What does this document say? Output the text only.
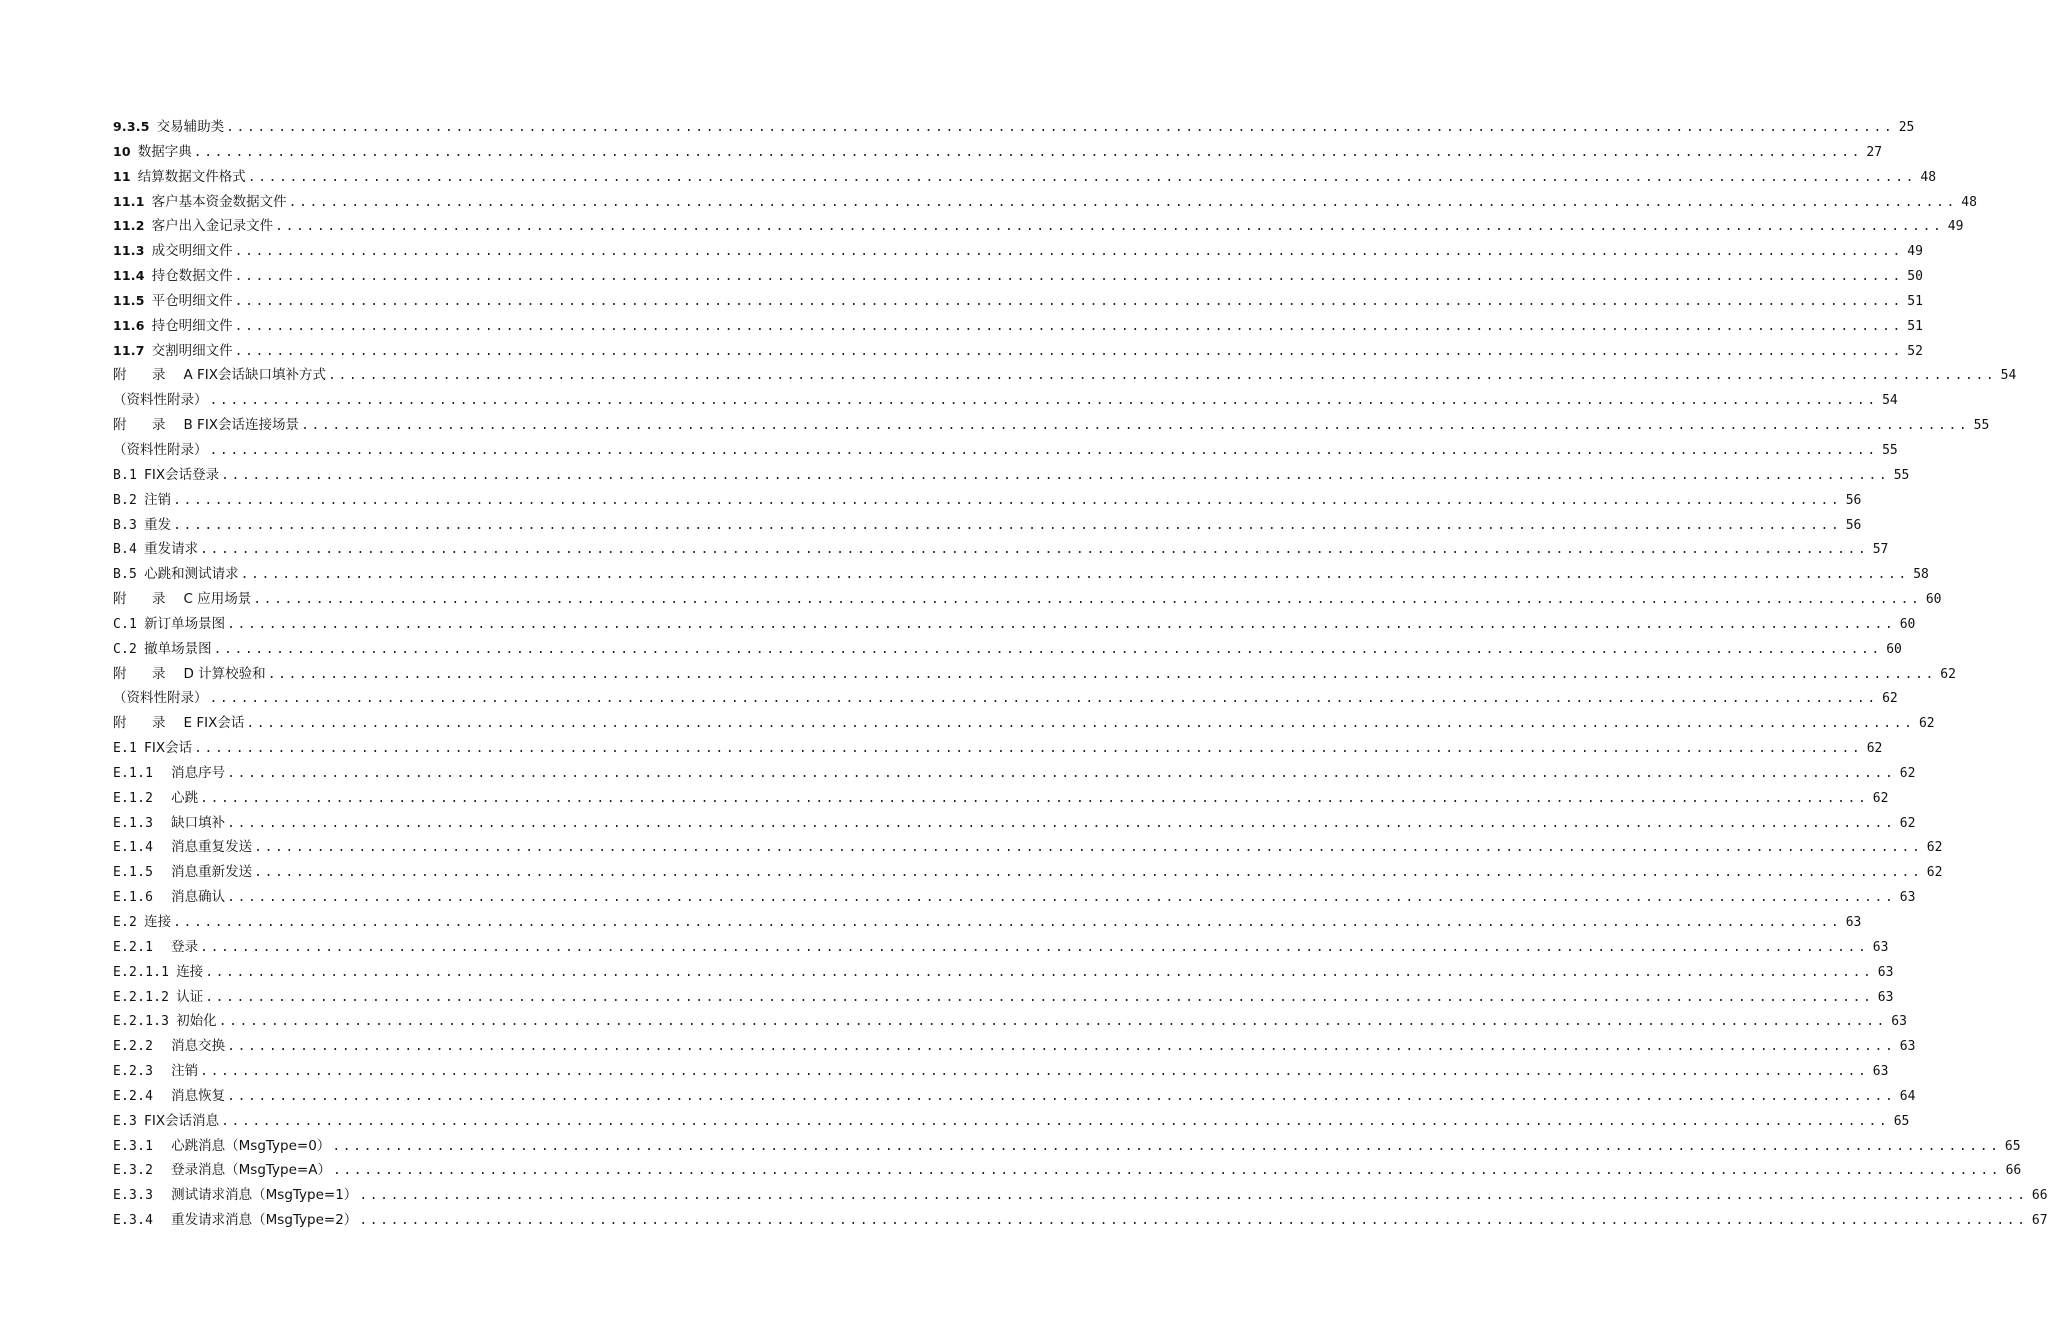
9.3.5 交易辅助类 ................................................................................................................................................................ 25
10 数据字典 ................................................................................................................................................................ 27
11 结算数据文件格式 ................................................................................................................................................................ 48
11.1 客户基本资金数据文件 ................................................................................................................................................................ 48
11.2 客户出入金记录文件 ................................................................................................................................................................ 49
11.3 成交明细文件 ................................................................................................................................................................ 49
11.4 持仓数据文件 ................................................................................................................................................................ 50
11.5 平仓明细文件 ................................................................................................................................................................ 51
11.6 持仓明细文件 ................................................................................................................................................................ 51
11.7 交割明细文件 ................................................................................................................................................................ 52
附　录 A FIX会话缺口填补方式 ................................................................................................................................................................ 54
（资料性附录） ................................................................................................................................................................ 54
附　录 B FIX会话连接场景 ................................................................................................................................................................ 55
（资料性附录） ................................................................................................................................................................ 55
B.1 FIX会话登录 ................................................................................................................................................................ 55
B.2 注销 ................................................................................................................................................................ 56
B.3 重发 ................................................................................................................................................................ 56
B.4 重发请求 ................................................................................................................................................................ 57
B.5 心跳和测试请求 ................................................................................................................................................................ 58
附　录 C 应用场景 ................................................................................................................................................................ 60
C.1 新订单场景图 ................................................................................................................................................................ 60
C.2 撤单场景图 ................................................................................................................................................................ 60
附　录 D 计算校验和 ................................................................................................................................................................ 62
（资料性附录） ................................................................................................................................................................ 62
附　录 E FIX会话 ................................................................................................................................................................ 62
E.1 FIX会话 ................................................................................................................................................................ 62
E.1.1 消息序号 ................................................................................................................................................................ 62
E.1.2 心跳 ................................................................................................................................................................ 62
E.1.3 缺口填补 ................................................................................................................................................................ 62
E.1.4 消息重复发送 ................................................................................................................................................................ 62
E.1.5 消息重新发送 ................................................................................................................................................................ 62
E.1.6 消息确认 ................................................................................................................................................................ 63
E.2 连接 ................................................................................................................................................................ 63
E.2.1 登录 ................................................................................................................................................................ 63
E.2.1.1 连接 ................................................................................................................................................................ 63
E.2.1.2 认证 ................................................................................................................................................................ 63
E.2.1.3 初始化 ................................................................................................................................................................ 63
E.2.2 消息交换 ................................................................................................................................................................ 63
E.2.3 注销 ................................................................................................................................................................ 63
E.2.4 消息恢复 ................................................................................................................................................................ 64
E.3 FIX会话消息 ................................................................................................................................................................ 65
E.3.1 心跳消息（MsgType=0） ................................................................................................................................................................ 65
E.3.2 登录消息（MsgType=A） ................................................................................................................................................................ 66
E.3.3 测试请求消息（MsgType=1） ................................................................................................................................................................ 66
E.3.4 重发请求消息（MsgType=2） ................................................................................................................................................................ 67
